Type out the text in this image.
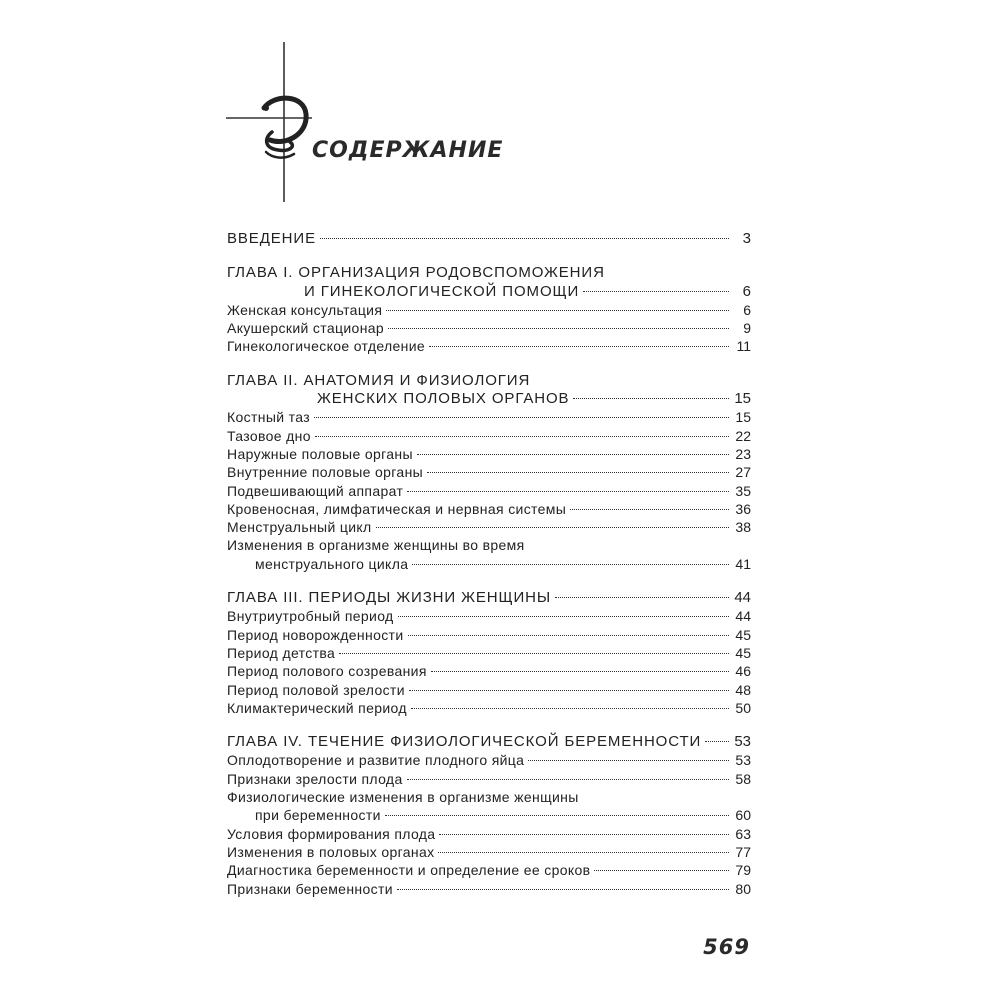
СОДЕРЖАНИЕ
ВВЕДЕНИЕ	3
ГЛАВА I. ОРГАНИЗАЦИЯ РОДОВСПОМОЖЕНИЯ
И ГИНЕКОЛОГИЧЕСКОЙ ПОМОЩИ	6
Женская консультация	6
Акушерский стационар	9
Гинекологическое отделение	11
ГЛАВА II. АНАТОМИЯ И ФИЗИОЛОГИЯ
ЖЕНСКИХ ПОЛОВЫХ ОРГАНОВ	15
Костный таз	15
Тазовое дно	22
Наружные половые органы	23
Внутренние половые органы	27
Подвешивающий аппарат	35
Кровеносная, лимфатическая и нервная системы	36
Менструальный цикл	38
Изменения в организме женщины во время
менструального цикла	41
ГЛАВА III. ПЕРИОДЫ ЖИЗНИ ЖЕНЩИНЫ	44
Внутриутробный период	44
Период новорожденности	45
Период детства	45
Период полового созревания	46
Период половой зрелости	48
Климактерический период	50
ГЛАВА IV. ТЕЧЕНИЕ ФИЗИОЛОГИЧЕСКОЙ БЕРЕМЕННОСТИ 53
Оплодотворение и развитие плодного яйца	53
Признаки зрелости плода	58
Физиологические изменения в организме женщины
при беременности	60
Условия формирования плода	63
Изменения в половых органах	77
Диагностика беременности и определение ее сроков	79
Признаки беременности	80
569
